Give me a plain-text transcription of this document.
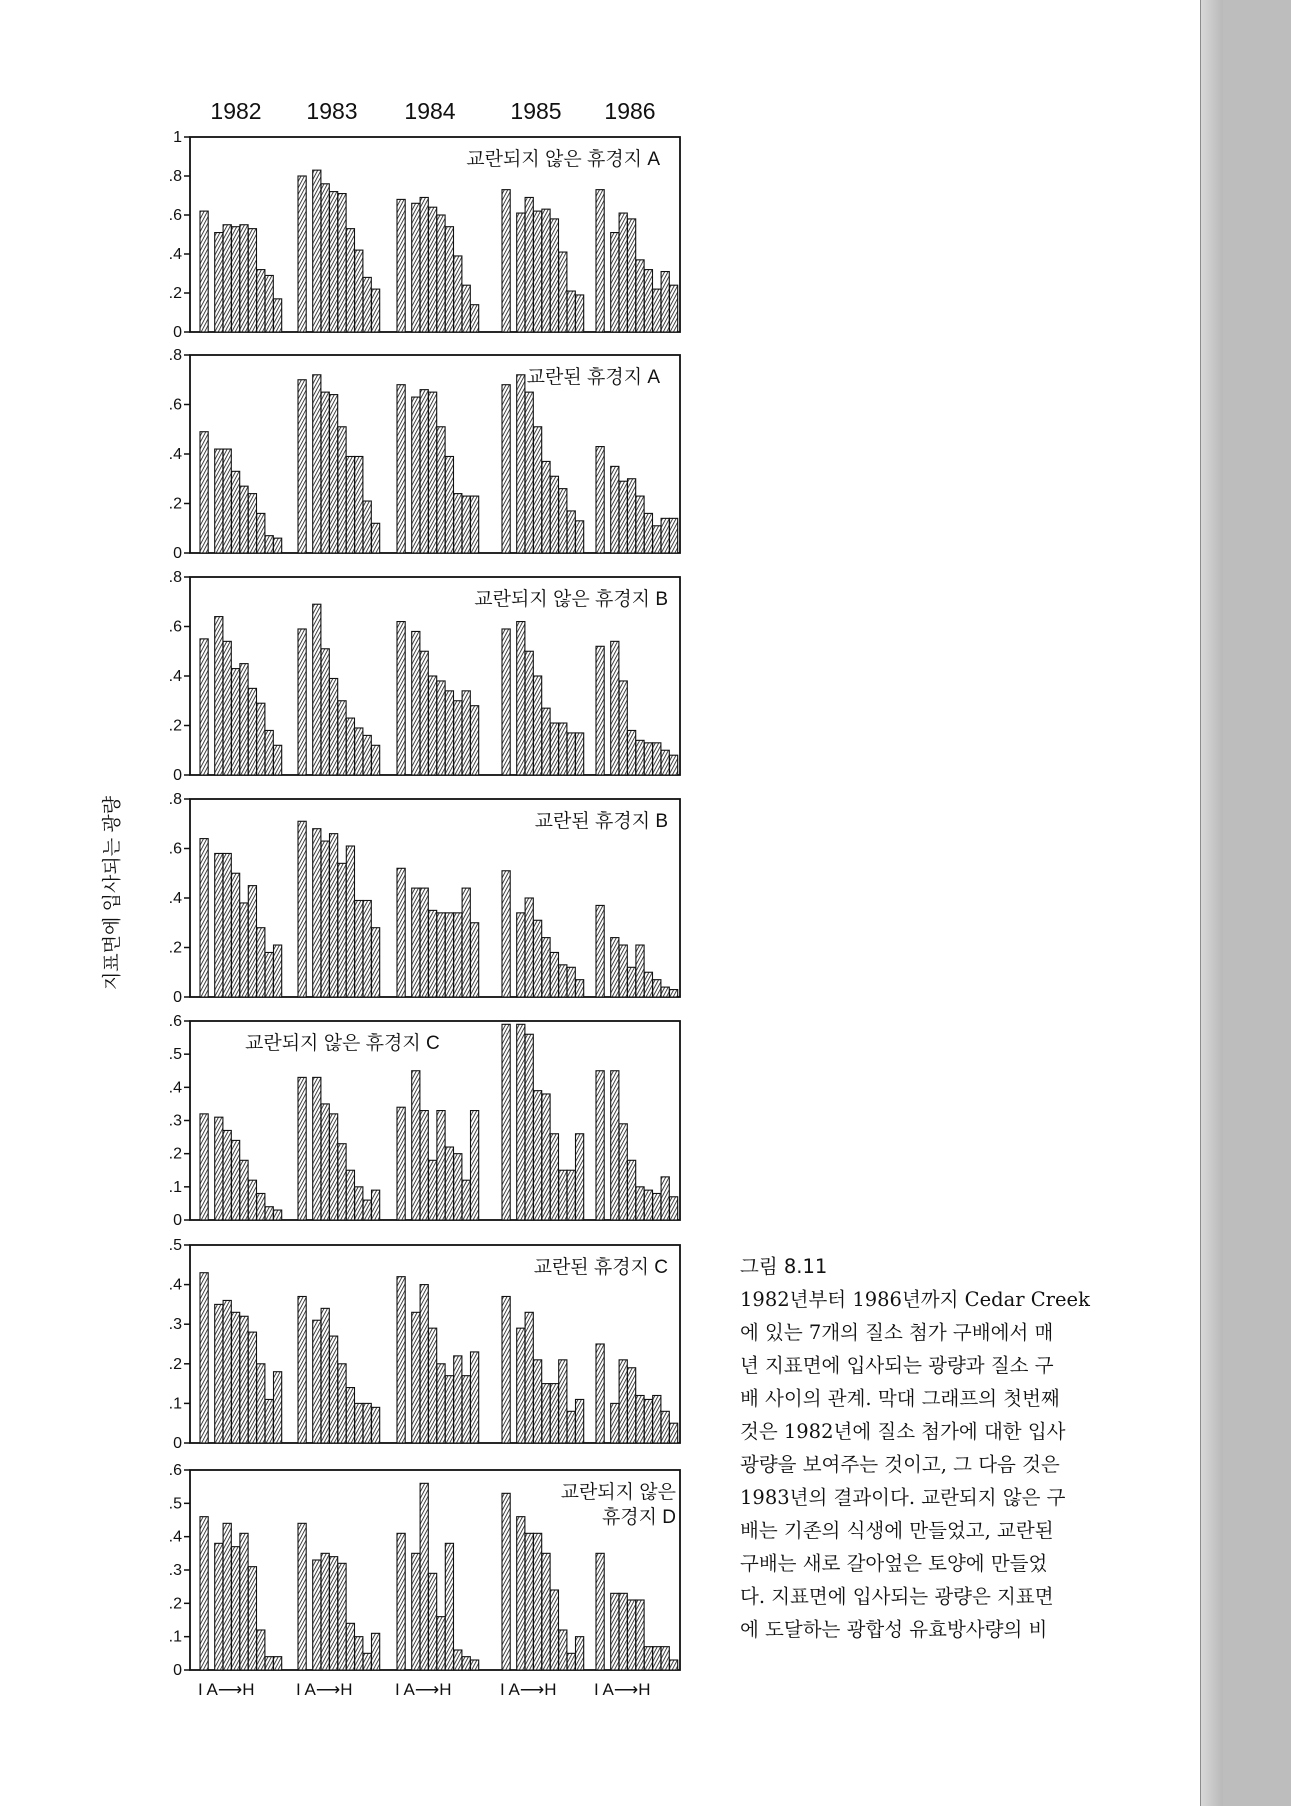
1982 1983 1984 1985 1986
1
.8
.6
.4
.2
0
교란되지 않은 휴경지 A
.8
.6
.4
.2
0
교란된 휴경지 A
.8
.6
.4
.2
0
교란되지 않은 휴경지 B
.8
.6
.4
.2
0
교란된 휴경지 B
.6
.5
.4
.3
.2
.1
0
교란되지 않은 휴경지 C
.5
.4
.3
.2
.1
0
교란된 휴경지 C
.6
.5
.4
.3
.2
.1
0
교란되지 않은
휴경지 D
I A⟶H I A⟶H	I A⟶H	I A⟶H I A⟶H
지표면에 입사되는 광량
그림 8.11
1982년부터 1986년까지 Cedar Creek
에 있는 7개의 질소 첨가 구배에서 매
년 지표면에 입사되는 광량과 질소 구
배 사이의 관계. 막대 그래프의 첫번째
것은 1982년에 질소 첨가에 대한 입사
광량을 보여주는 것이고, 그 다음 것은
1983년의 결과이다. 교란되지 않은 구
배는 기존의 식생에 만들었고, 교란된
구배는 새로 갈아엎은 토양에 만들었
다. 지표면에 입사되는 광량은 지표면
에 도달하는 광합성 유효방사량의 비
